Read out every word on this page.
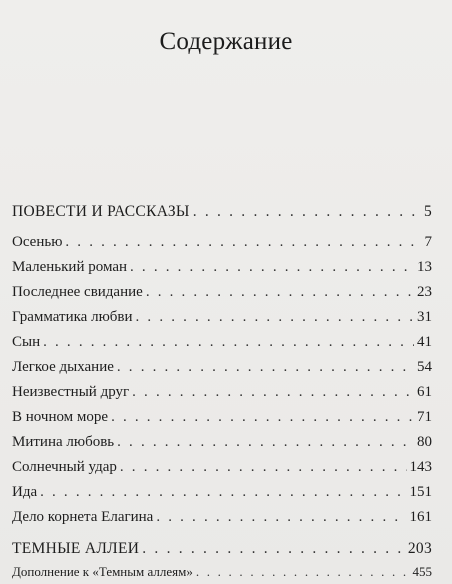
Содержание
ПОВЕСТИ И РАССКАЗЫ . . .	5
Осенью . . .	7
Маленький роман . . .	13
Последнее свидание . . .	23
Грамматика любви . . .	31
Сын . . .	41
Легкое дыхание . . .	54
Неизвестный друг . . .	61
В ночном море . . .	71
Митина любовь . . .	80
Солнечный удар . . .	143
Ида . . .	151
Дело корнета Елагина . . .	161
ТЕМНЫЕ АЛЛЕИ . . .	203
Дополнение к «Темным аллеям» . . .	455
